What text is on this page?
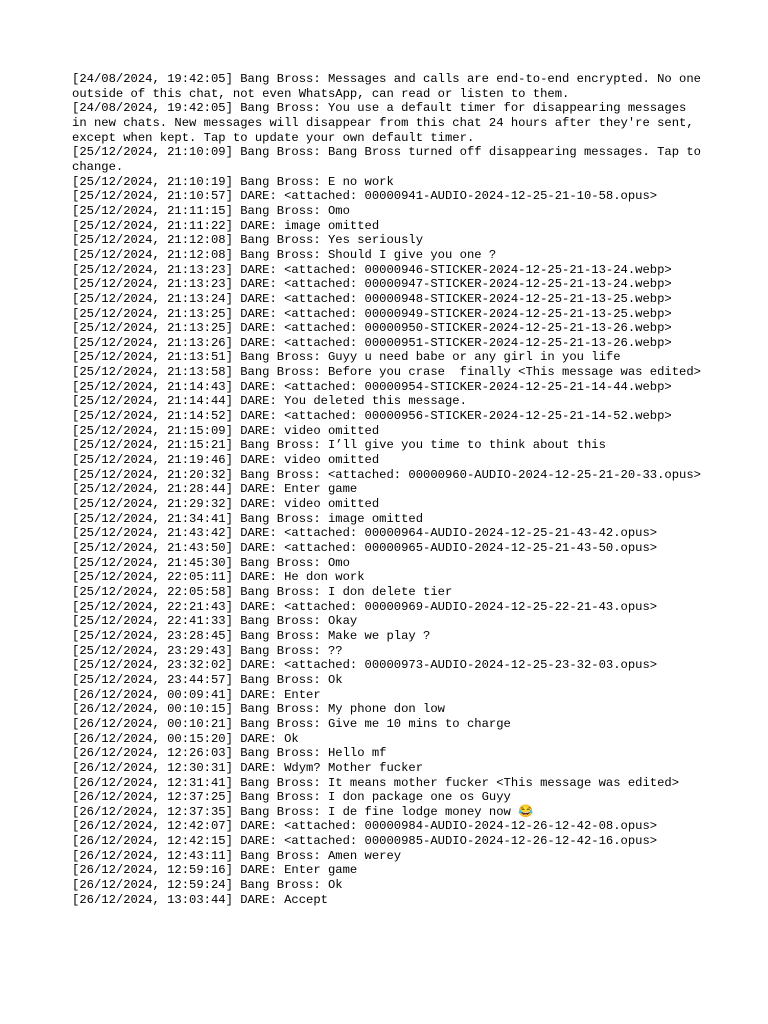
[24/08/2024, 19:42:05] Bang Bross: Messages and calls are end-to-end encrypted. No one outside of this chat, not even WhatsApp, can read or listen to them.
[24/08/2024, 19:42:05] Bang Bross: You use a default timer for disappearing messages in new chats. New messages will disappear from this chat 24 hours after they're sent, except when kept. Tap to update your own default timer.
[25/12/2024, 21:10:09] Bang Bross: Bang Bross turned off disappearing messages. Tap to change.
[25/12/2024, 21:10:19] Bang Bross: E no work
[25/12/2024, 21:10:57] DARE: <attached: 00000941-AUDIO-2024-12-25-21-10-58.opus>
[25/12/2024, 21:11:15] Bang Bross: Omo
[25/12/2024, 21:11:22] DARE: image omitted
[25/12/2024, 21:12:08] Bang Bross: Yes seriously
[25/12/2024, 21:12:08] Bang Bross: Should I give you one ?
[25/12/2024, 21:13:23] DARE: <attached: 00000946-STICKER-2024-12-25-21-13-24.webp>
[25/12/2024, 21:13:23] DARE: <attached: 00000947-STICKER-2024-12-25-21-13-24.webp>
[25/12/2024, 21:13:24] DARE: <attached: 00000948-STICKER-2024-12-25-21-13-25.webp>
[25/12/2024, 21:13:25] DARE: <attached: 00000949-STICKER-2024-12-25-21-13-25.webp>
[25/12/2024, 21:13:25] DARE: <attached: 00000950-STICKER-2024-12-25-21-13-26.webp>
[25/12/2024, 21:13:26] DARE: <attached: 00000951-STICKER-2024-12-25-21-13-26.webp>
[25/12/2024, 21:13:51] Bang Bross: Guyy u need babe or any girl in you life
[25/12/2024, 21:13:58] Bang Bross: Before you crase  finally <This message was edited>
[25/12/2024, 21:14:43] DARE: <attached: 00000954-STICKER-2024-12-25-21-14-44.webp>
[25/12/2024, 21:14:44] DARE: You deleted this message.
[25/12/2024, 21:14:52] DARE: <attached: 00000956-STICKER-2024-12-25-21-14-52.webp>
[25/12/2024, 21:15:09] DARE: video omitted
[25/12/2024, 21:15:21] Bang Bross: I’ll give you time to think about this
[25/12/2024, 21:19:46] DARE: video omitted
[25/12/2024, 21:20:32] Bang Bross: <attached: 00000960-AUDIO-2024-12-25-21-20-33.opus>
[25/12/2024, 21:28:44] DARE: Enter game
[25/12/2024, 21:29:32] DARE: video omitted
[25/12/2024, 21:34:41] Bang Bross: image omitted
[25/12/2024, 21:43:42] DARE: <attached: 00000964-AUDIO-2024-12-25-21-43-42.opus>
[25/12/2024, 21:43:50] DARE: <attached: 00000965-AUDIO-2024-12-25-21-43-50.opus>
[25/12/2024, 21:45:30] Bang Bross: Omo
[25/12/2024, 22:05:11] DARE: He don work
[25/12/2024, 22:05:58] Bang Bross: I don delete tier
[25/12/2024, 22:21:43] DARE: <attached: 00000969-AUDIO-2024-12-25-22-21-43.opus>
[25/12/2024, 22:41:33] Bang Bross: Okay
[25/12/2024, 23:28:45] Bang Bross: Make we play ?
[25/12/2024, 23:29:43] Bang Bross: ??
[25/12/2024, 23:32:02] DARE: <attached: 00000973-AUDIO-2024-12-25-23-32-03.opus>
[25/12/2024, 23:44:57] Bang Bross: Ok
[26/12/2024, 00:09:41] DARE: Enter
[26/12/2024, 00:10:15] Bang Bross: My phone don low
[26/12/2024, 00:10:21] Bang Bross: Give me 10 mins to charge
[26/12/2024, 00:15:20] DARE: Ok
[26/12/2024, 12:26:03] Bang Bross: Hello mf
[26/12/2024, 12:30:31] DARE: Wdym? Mother fucker
[26/12/2024, 12:31:41] Bang Bross: It means mother fucker <This message was edited>
[26/12/2024, 12:37:25] Bang Bross: I don package one os Guyy
[26/12/2024, 12:37:35] Bang Bross: I de fine lodge money now 😂
[26/12/2024, 12:42:07] DARE: <attached: 00000984-AUDIO-2024-12-26-12-42-08.opus>
[26/12/2024, 12:42:15] DARE: <attached: 00000985-AUDIO-2024-12-26-12-42-16.opus>
[26/12/2024, 12:43:11] Bang Bross: Amen werey
[26/12/2024, 12:59:16] DARE: Enter game
[26/12/2024, 12:59:24] Bang Bross: Ok
[26/12/2024, 13:03:44] DARE: Accept
